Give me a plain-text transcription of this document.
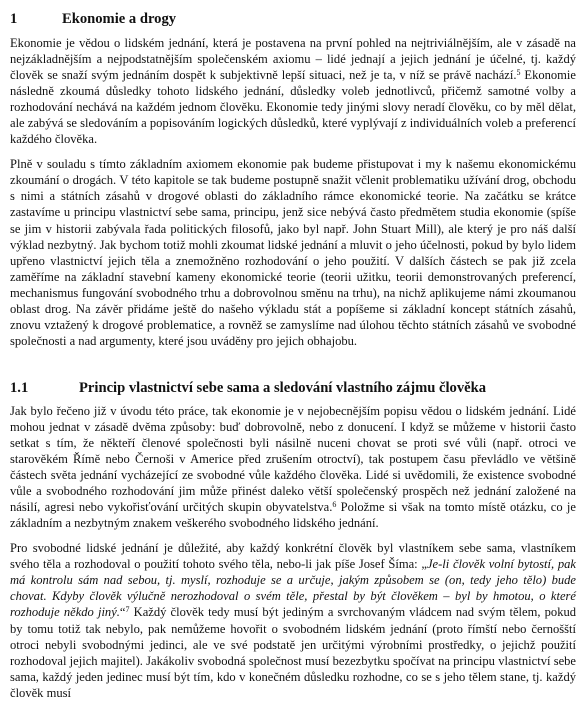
1	Ekonomie a drogy

Ekonomie je vědou o lidském jednání, která je postavena na první pohled na nejtriviálnějším, ale v zásadě na nejzákladnějším a nejpodstatnějším společenském axiomu – lidé jednají a jejich jednání je účelné, tj. každý člověk se snaží svým jednáním dospět k subjektivně lepší situaci, než je ta, v níž se právě nachází.$^5$ Ekonomie následně zkoumá důsledky tohoto lidského jednání, důsledky voleb jednotlivců, přičemž samotné volby a rozhodování nechává na každém jednom člověku. Ekonomie tedy jinými slovy neradí člověku, co by měl dělat, ale zabývá se sledováním a popisováním logických důsledků, které vyplývají z individuálních voleb a preferencí každého člověka.

Plně v souladu s tímto základním axiomem ekonomie pak budeme přistupovat i my k našemu ekonomickému zkoumání o drogách. V této kapitole se tak budeme postupně snažit včlenit problematiku užívání drog, obchodu s nimi a státních zásahů v drogové oblasti do základního rámce ekonomické teorie. Na začátku se krátce zastavíme u principu vlastnictví sebe sama, principu, jenž sice nebývá často předmětem studia ekonomie (spíše se jim v historii zabývala řada politických filosofů, jako byl např. John Stuart Mill), ale který je pro náš další výklad nezbytný. Jak bychom totiž mohli zkoumat lidské jednání a mluvit o jeho účelnosti, pokud by bylo lidem upřeno vlastnictví jejich těla a znemožněno rozhodování o jeho použití. V dalších částech se pak již zcela zaměříme na základní stavební kameny ekonomické teorie (teorii užitku, teorii demonstrovaných preferencí, mechanismus fungování svobodného trhu a dobrovolnou směnu na trhu), na nichž aplikujeme námi zkoumanou oblast drog. Na závěr přidáme ještě do našeho výkladu stát a popíšeme si základní koncept státních zásahů, znovu vztažený k drogové problematice, a rovněž se zamyslíme nad úlohou těchto státních zásahů ve svobodné společnosti a nad argumenty, které jsou uváděny pro jejich obhajobu.

1.1	Princip vlastnictví sebe sama a sledování vlastního zájmu člověka

Jak bylo řečeno již v úvodu této práce, tak ekonomie je v nejobecnějším popisu vědou o lidském jednání. Lidé mohou jednat v zásadě dvěma způsoby: buď dobrovolně, nebo z donucení. I když se můžeme v historii často setkat s tím, že někteří členové společnosti byli násilně nuceni chovat se proti své vůli (např. otroci ve starověkém Římě nebo Černoši v Americe před zrušením otroctví), tak postupem času převládlo ve většině částech světa jednání vycházející ze svobodné vůle každého člověka. Lidé si uvědomili, že existence svobodné vůle a svobodného rozhodování jim může přinést daleko větší společenský prospěch než jednání založené na násilí, agresi nebo vykořisťování určitých skupin obyvatelstva.$^6$ Položme si však na tomto místě otázku, co je základním a nezbytným znakem veškerého svobodného lidského jednání.

Pro svobodné lidské jednání je důležité, aby každý konkrétní člověk byl vlastníkem sebe sama, vlastníkem svého těla a rozhodoval o použití tohoto svého těla, nebo-li jak píše Josef Šíma: „Je-li člověk volní bytostí, pak má kontrolu sám nad sebou, tj. myslí, rozhoduje se a určuje, jakým způsobem se (on, tedy jeho tělo) bude chovat. Kdyby člověk výlučně nerozhodoval o svém těle, přestal by být člověkem – byl by hmotou, o které rozhoduje někdo jiný.“$^7$ Každý člověk tedy musí být jediným a svrchovaným vládcem nad svým tělem, pokud by tomu totiž tak nebylo, pak nemůžeme hovořit o svobodném lidském jednání (proto římští nebo černošští otroci nebyli svobodnými jedinci, ale ve své podstatě jen určitými výrobními prostředky, o jejichž použití rozhodoval jejich majitel). Jakákoliv svobodná společnost musí bezezbytku spočívat na principu vlastnictví sebe sama, každý jeden jedinec musí být tím, kdo v konečném důsledku rozhodne, co se s jeho tělem stane, tj. každý člověk musí
